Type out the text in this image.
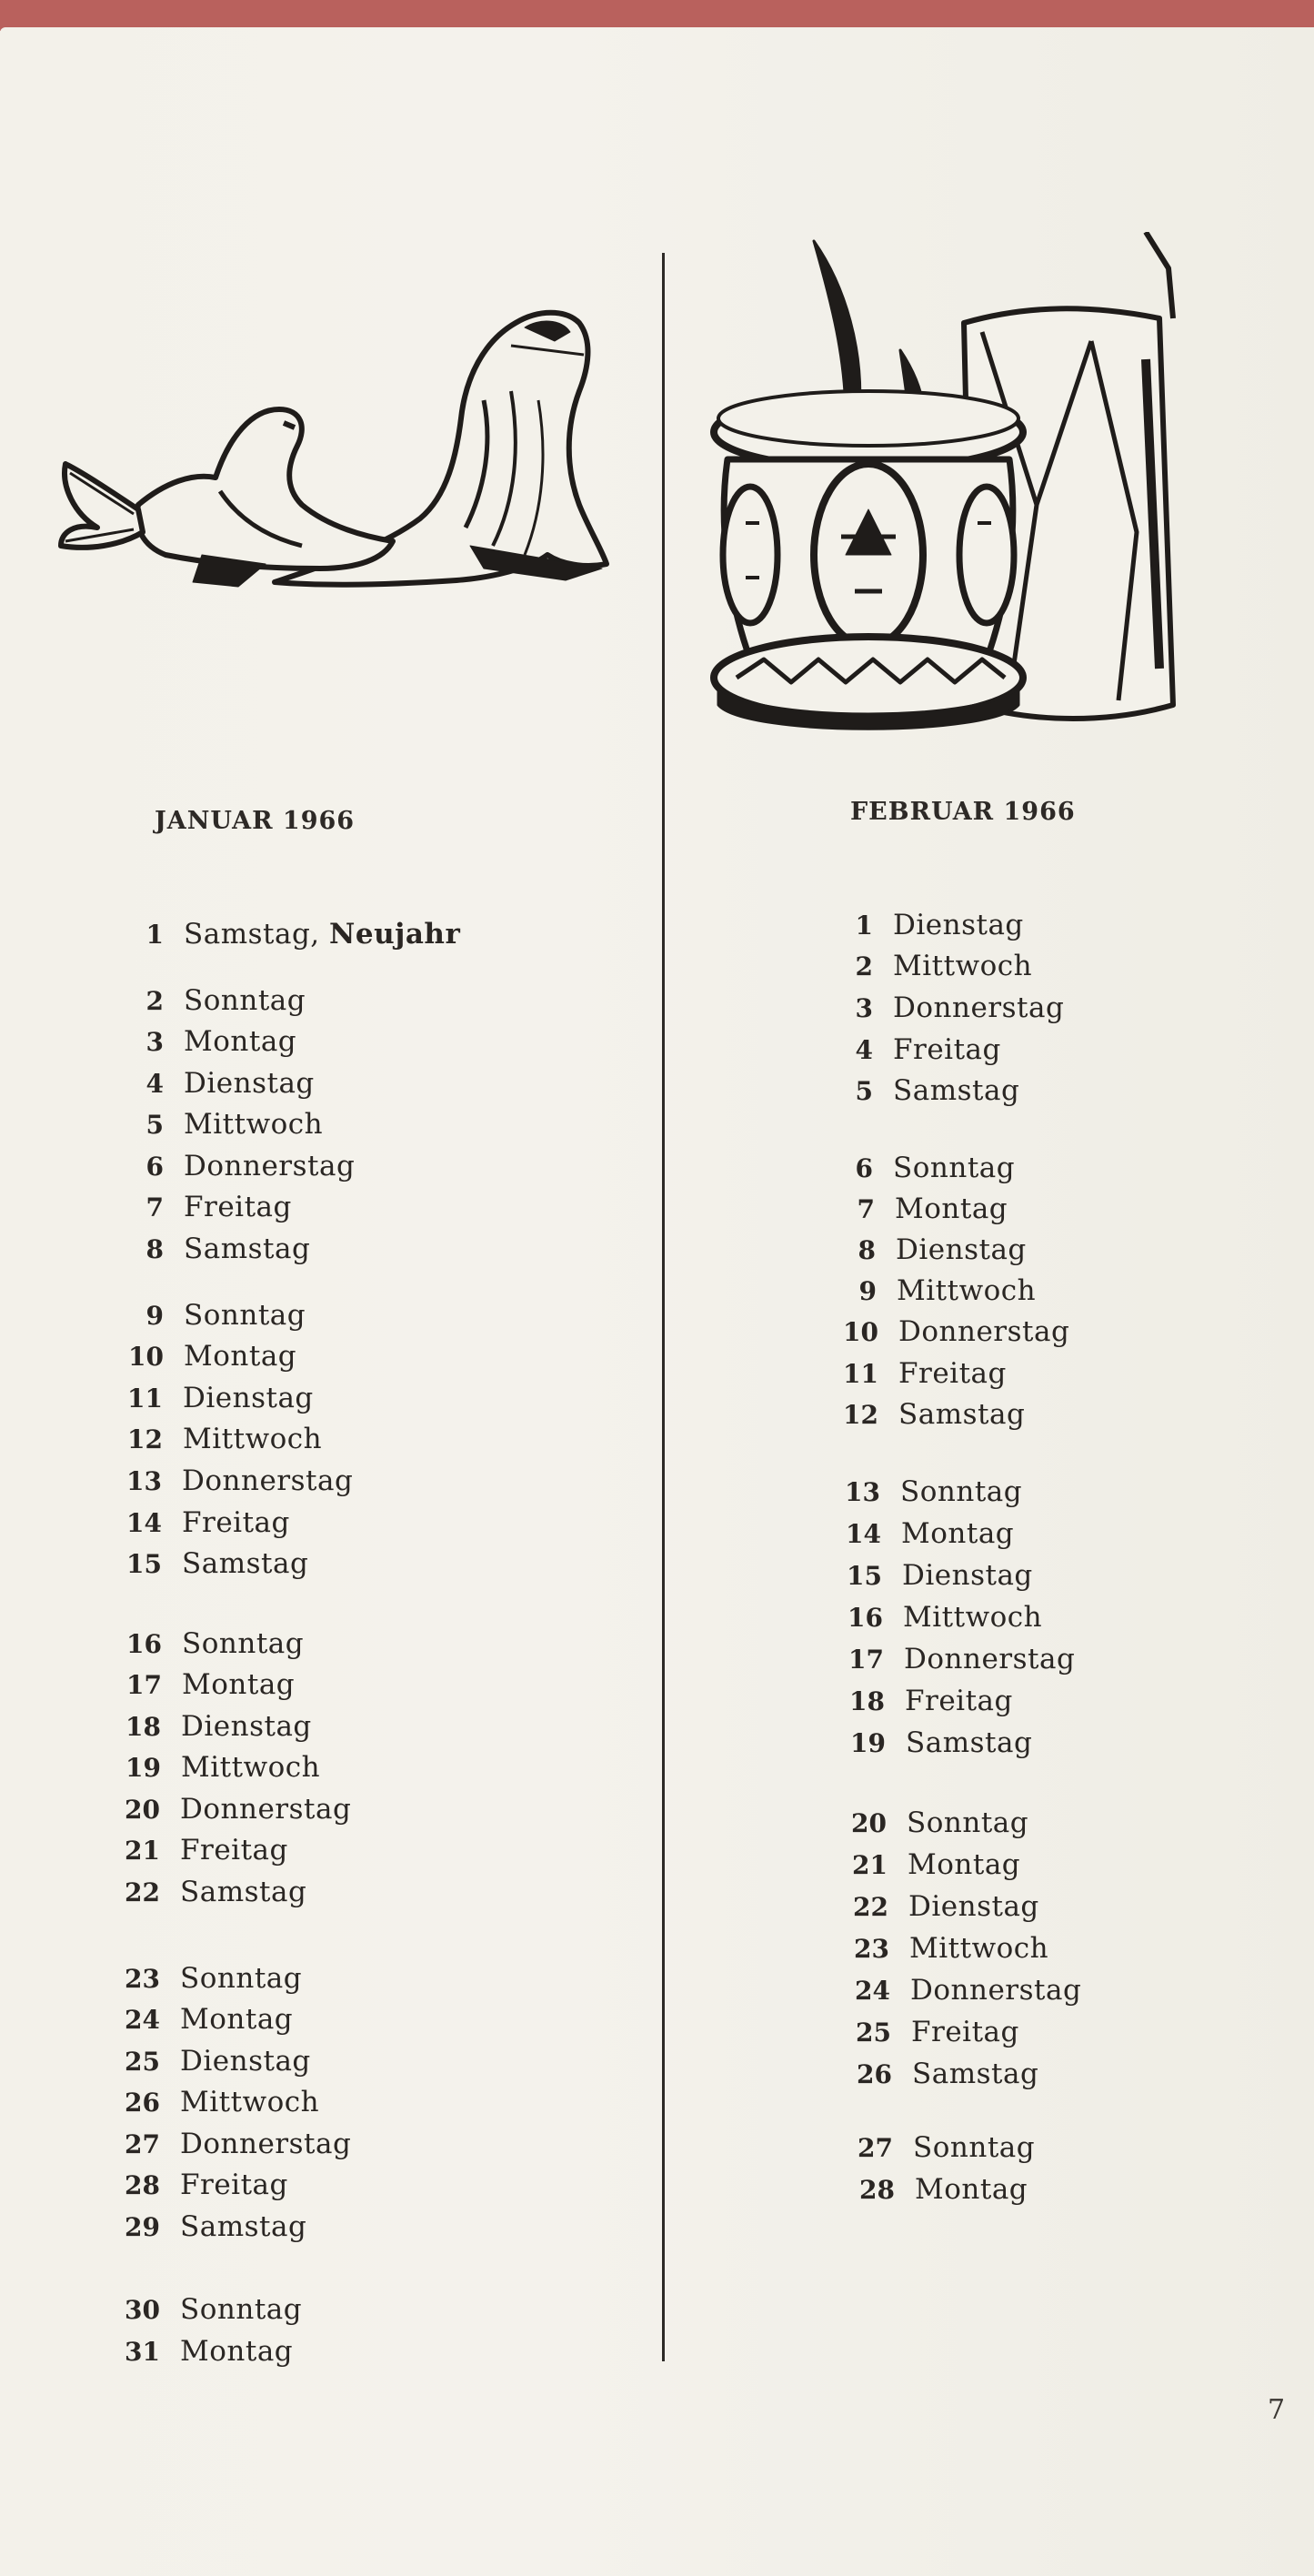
JANUAR 1966	FEBRUAR 1966
1 Samstag, Neujahr
2 Sonntag
3 Montag
4 Dienstag
5 Mittwoch
6 Donnerstag
7 Freitag
8 Samstag
9 Sonntag
10 Montag
11 Dienstag
12 Mittwoch
13 Donnerstag
14 Freitag
15 Samstag
16 Sonntag
17 Montag
18 Dienstag
19 Mittwoch
20 Donnerstag
21 Freitag
22 Samstag
23 Sonntag
24 Montag
25 Dienstag
26 Mittwoch
27 Donnerstag
28 Freitag
29 Samstag
30 Sonntag
31 Montag
1 Dienstag
2 Mittwoch
3 Donnerstag
4 Freitag
5 Samstag
6 Sonntag
7 Montag
8 Dienstag
9 Mittwoch
10 Donnerstag
11 Freitag
12 Samstag
13 Sonntag
14 Montag
15 Dienstag
16 Mittwoch
17 Donnerstag
18 Freitag
19 Samstag
20 Sonntag
21 Montag
22 Dienstag
23 Mittwoch
24 Donnerstag
25 Freitag
26 Samstag
27 Sonntag
28 Montag
7
